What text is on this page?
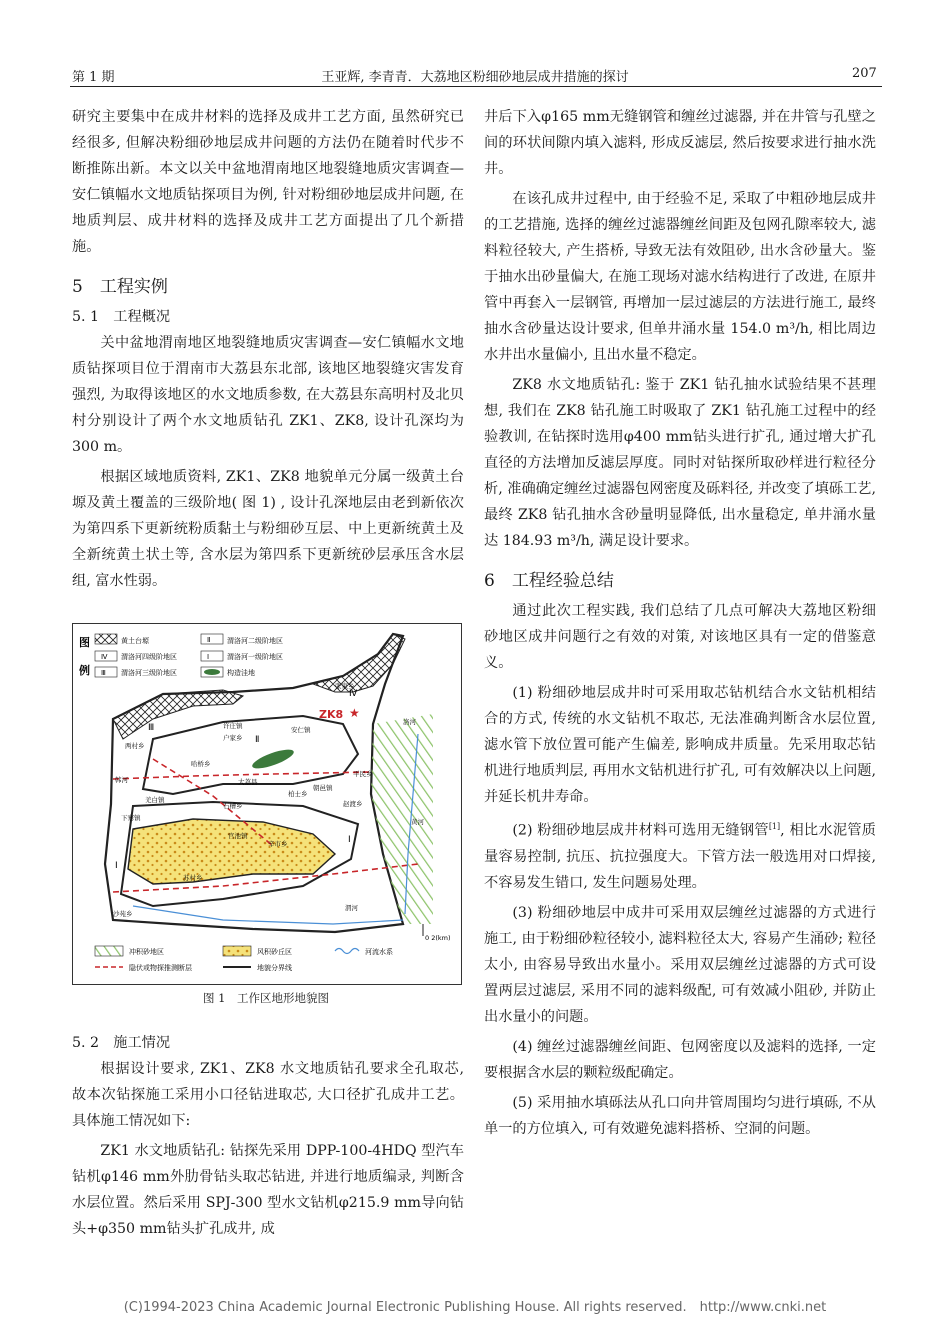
第 1 期	王亚辉, 李青青．大荔地区粉细砂地层成井措施的探讨	207

研究主要集中在成井材料的选择及成井工艺方面, 虽然研究已经很多, 但解决粉细砂地层成井问题的方法仍在随着时代步不断推陈出新。本文以关中盆地渭南地区地裂缝地质灾害调查—安仁镇幅水文地质钻探项目为例, 针对粉细砂地层成井问题, 在地质判层、成井材料的选择及成井工艺方面提出了几个新措施。

5　工程实例
5. 1　工程概况

关中盆地渭南地区地裂缝地质灾害调查—安仁镇幅水文地质钻探项目位于渭南市大荔县东北部, 该地区地裂缝灾害发育强烈, 为取得该地区的水文地质参数, 在大荔县东高明村及北贝村分别设计了两个水文地质钻孔 ZK1、ZK8, 设计孔深均为 300 m。

根据区域地质资料, ZK1、ZK8 地貌单元分属一级黄土台塬及黄土覆盖的三级阶地( 图 1) , 设计孔深地层由老到新依次为第四系下更新统粉质黏土与粉细砂互层、中上更新统黄土及全新统黄土状土等, 含水层为第四系下更新统砂层承压含水层组, 富水性弱。

图
例
黄土台塬
Ⅳ 渭洛河四级阶地区
Ⅲ 渭洛河三级阶地区
Ⅱ 渭洛河二级阶地区
Ⅰ	渭洛河一级阶地区
构造洼地
ZK8 ★
Ⅳ
Ⅲ
Ⅱ
Ⅰ
Ⅰ
张家乡
许庄镇	安仁镇
户家乡
两村乡
韩河
哈桥乡
大荔县
柏士乡
朝邑镇
平民乡
赵渡乡
洛河
石槽乡
下寨镇
官池镇
苏村乡
沙苑乡
羌白镇
渭河
黄河
辛市乡
0 2(km)
冲积砂地区	风积砂丘区	河流水系
隐伏或物探推测断层	地貌分界线
图 1　工作区地形地貌图
5. 2　施工情况

根据设计要求, ZK1、ZK8 水文地质钻孔要求全孔取芯, 故本次钻探施工采用小口径钻进取芯, 大口径扩孔成井工艺。具体施工情况如下:

ZK1 水文地质钻孔: 钻探先采用 DPP-100-4HDQ 型汽车钻机φ146 mm外肋骨钻头取芯钻进, 并进行地质编录, 判断含水层位置。然后采用 SPJ-300 型水文钻机φ215.9 mm导向钻头+φ350 mm钻头扩孔成井, 成

井后下入φ165 mm无缝钢管和缠丝过滤器, 并在井管与孔壁之间的环状间隙内填入滤料, 形成反滤层, 然后按要求进行抽水洗井。

在该孔成井过程中, 由于经验不足, 采取了中粗砂地层成井的工艺措施, 选择的缠丝过滤器缠丝间距及包网孔隙率较大, 滤料粒径较大, 产生搭桥, 导致无法有效阻砂, 出水含砂量大。鉴于抽水出砂量偏大, 在施工现场对滤水结构进行了改进, 在原井管中再套入一层钢管, 再增加一层过滤层的方法进行施工, 最终抽水含砂量达设计要求, 但单井涌水量 154.0 m³/h, 相比周边水井出水量偏小, 且出水量不稳定。

ZK8 水文地质钻孔: 鉴于 ZK1 钻孔抽水试验结果不甚理想, 我们在 ZK8 钻孔施工时吸取了 ZK1 钻孔施工过程中的经验教训, 在钻探时选用φ400 mm钻头进行扩孔, 通过增大扩孔直径的方法增加反滤层厚度。同时对钻探所取砂样进行粒径分析, 准确确定缠丝过滤器包网密度及砾料径, 并改变了填砾工艺, 最终 ZK8 钻孔抽水含砂量明显降低, 出水量稳定, 单井涌水量达 184.93 m³/h, 满足设计要求。

6　工程经验总结

通过此次工程实践, 我们总结了几点可解决大荔地区粉细砂地区成井问题行之有效的对策, 对该地区具有一定的借鉴意义。

(1) 粉细砂地层成井时可采用取芯钻机结合水文钻机相结合的方式, 传统的水文钻机不取芯, 无法准确判断含水层位置, 滤水管下放位置可能产生偏差, 影响成井质量。先采用取芯钻机进行地质判层, 再用水文钻机进行扩孔, 可有效解决以上问题, 并延长机井寿命。

(2) 粉细砂地层成井材料可选用无缝钢管[1], 相比水泥管质量容易控制, 抗压、抗拉强度大。下管方法一般选用对口焊接, 不容易发生错口, 发生问题易处理。

(3) 粉细砂地层中成井可采用双层缠丝过滤器的方式进行施工, 由于粉细砂粒径较小, 滤料粒径太大, 容易产生涌砂; 粒径太小, 由容易导致出水量小。采用双层缠丝过滤器的方式可设置两层过滤层, 采用不同的滤料级配, 可有效减小阻砂, 并防止出水量小的问题。

(4) 缠丝过滤器缠丝间距、包网密度以及滤料的选择, 一定要根据含水层的颗粒级配确定。

(5) 采用抽水填砾法从孔口向井管周围均匀进行填砾, 不从单一的方位填入, 可有效避免滤料搭桥、空洞的问题。

(C)1994-2023 China Academic Journal Electronic Publishing House. All rights reserved.　http://www.cnki.net
